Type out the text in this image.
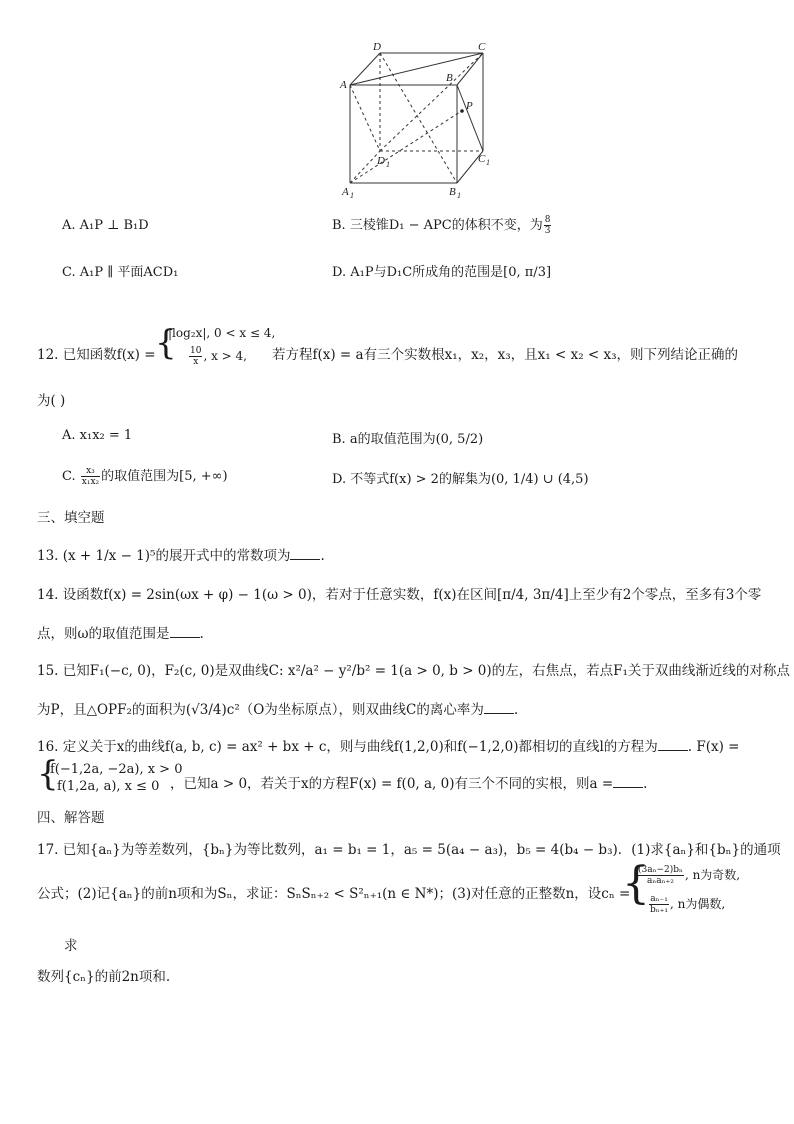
D	C
A
B
P
D 1	C 1
A 1	B 1
A. A₁P ⊥ B₁D	B. 三棱锥D₁ − APC的体积不变，为 $\frac{8}{3}$
C. A₁P ∥ 平面ACD₁	D. A₁P与D₁C所成角的范围是[0, π/3]
12. 已知函数f(x) = {
|log₂x|, 0 < x ≤ 4,
$\frac{10}{x}$ , x > 4, 若方程f(x) = a有三个实数根x₁，x₂，x₃，且x₁ < x₂ < x₃，则下列结论正确的
为( )
A. x₁x₂ = 1	B. a的取值范围为(0, 5/2)
C. $\frac{\text{x₃}}{\text{x₁x₂}}$ 的取值范围为[5, +∞)	D. 不等式f(x) > 2的解集为(0, 1/4) ∪ (4,5)
三、填空题
13. (x + 1/x − 1)⁵的展开式中的常数项为 .
14. 设函数f(x) = 2sin(ωx + φ) − 1(ω > 0)，若对于任意实数，f(x)在区间[π/4, 3π/4]上至少有2个零点，至多有3个零
点，则ω的取值范围是 .
15. 已知F₁(−c, 0)，F₂(c, 0)是双曲线C: x²/a² − y²/b² = 1(a > 0, b > 0)的左，右焦点，若点F₁关于双曲线渐近线的对称点
为P，且△OPF₂的面积为(√3/4)c²（O为坐标原点），则双曲线C的离心率为 .
16. 定义关于x的曲线f(a, b, c) = ax² + bx + c，则与曲线f(1,2,0)和f(−1,2,0)都相切的直线l的方程为 . F(x) =
{
f(−1,2a, −2a), x > 0
f(1,2a, a), x ≤ 0 ，已知a > 0，若关于x的方程F(x) = f(0, a, 0)有三个不同的实根，则a = .
四、解答题
17. 已知{aₙ}为等差数列，{bₙ}为等比数列，a₁ = b₁ = 1，a₅ = 5(a₄ − a₃)，b₅ = 4(b₄ − b₃)．(1)求{aₙ}和{bₙ}的通项
公式；(2)记{aₙ}的前n项和为Sₙ，求证：SₙSₙ₊₂ < S²ₙ₊₁(n ∈ N*)；(3)对任意的正整数n，设cₙ =
{
$\frac{\text{(3aₙ−2)bₙ}}{\text{aₙaₙ₊₂}}$ , n为奇数,
$\frac{\text{aₙ₋₁}}{\text{bₙ₊₁}}$ , n为偶数,
求
数列{cₙ}的前2n项和.
